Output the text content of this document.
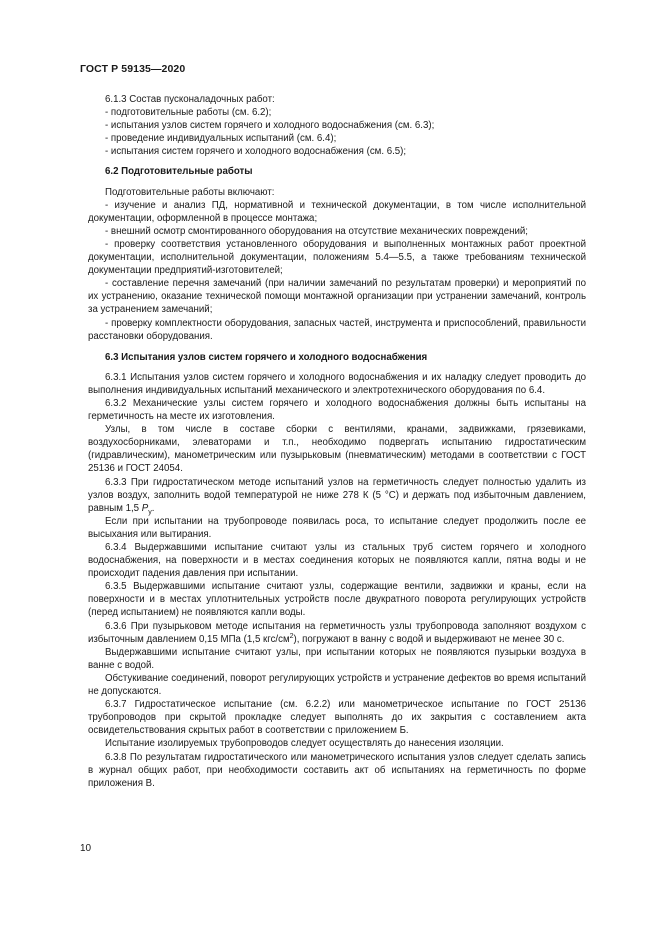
ГОСТ Р 59135—2020

6.1.3 Состав пусконаладочных работ:

- подготовительные работы (см. 6.2);

- испытания узлов систем горячего и холодного водоснабжения (см. 6.3);

- проведение индивидуальных испытаний (см. 6.4);

- испытания систем горячего и холодного водоснабжения (см. 6.5);

6.2 Подготовительные работы

Подготовительные работы включают:

- изучение и анализ ПД, нормативной и технической документации, в том числе исполнительной документации, оформленной в процессе монтажа;

- внешний осмотр смонтированного оборудования на отсутствие механических повреждений;

- проверку соответствия установленного оборудования и выполненных монтажных работ проектной документации, исполнительной документации, положениям 5.4—5.5, а также требованиям технической документации предприятий-изготовителей;

- составление перечня замечаний (при наличии замечаний по результатам проверки) и мероприятий по их устранению, оказание технической помощи монтажной организации при устранении замечаний, контроль за устранением замечаний;

- проверку комплектности оборудования, запасных частей, инструмента и приспособлений, правильности расстановки оборудования.

6.3 Испытания узлов систем горячего и холодного водоснабжения

6.3.1 Испытания узлов систем горячего и холодного водоснабжения и их наладку следует проводить до выполнения индивидуальных испытаний механического и электротехнического оборудования по 6.4.

6.3.2 Механические узлы систем горячего и холодного водоснабжения должны быть испытаны на герметичность на месте их изготовления.

Узлы, в том числе в составе сборки с вентилями, кранами, задвижками, грязевиками, воздухосборниками, элеваторами и т.п., необходимо подвергать испытанию гидростатическим (гидравлическим), манометрическим или пузырьковым (пневматическим) методами в соответствии с ГОСТ 25136 и ГОСТ 24054.

6.3.3 При гидростатическом методе испытаний узлов на герметичность следует полностью удалить из узлов воздух, заполнить водой температурой не ниже 278 К (5 °C) и держать под избыточным давлением, равным 1,5 $P_у$.

Если при испытании на трубопроводе появилась роса, то испытание следует продолжить после ее высыхания или вытирания.

6.3.4 Выдержавшими испытание считают узлы из стальных труб систем горячего и холодного водоснабжения, на поверхности и в местах соединения которых не появляются капли, пятна воды и не происходит падения давления при испытании.

6.3.5 Выдержавшими испытание считают узлы, содержащие вентили, задвижки и краны, если на поверхности и в местах уплотнительных устройств после двукратного поворота регулирующих устройств (перед испытанием) не появляются капли воды.

6.3.6 При пузырьковом методе испытания на герметичность узлы трубопровода заполняют воздухом с избыточным давлением 0,15 МПа (1,5 кгс/$см^2$), погружают в ванну с водой и выдерживают не менее 30 с.

Выдержавшими испытание считают узлы, при испытании которых не появляются пузырьки воздуха в ванне с водой.

Обстукивание соединений, поворот регулирующих устройств и устранение дефектов во время испытаний не допускаются.

6.3.7 Гидростатическое испытание (см. 6.2.2) или манометрическое испытание по ГОСТ 25136 трубопроводов при скрытой прокладке следует выполнять до их закрытия с составлением акта освидетельствования скрытых работ в соответствии с приложением Б.

Испытание изолируемых трубопроводов следует осуществлять до нанесения изоляции.

6.3.8 По результатам гидростатического или манометрического испытания узлов следует сделать запись в журнал общих работ, при необходимости составить акт об испытаниях на герметичность по форме приложения В.

10
